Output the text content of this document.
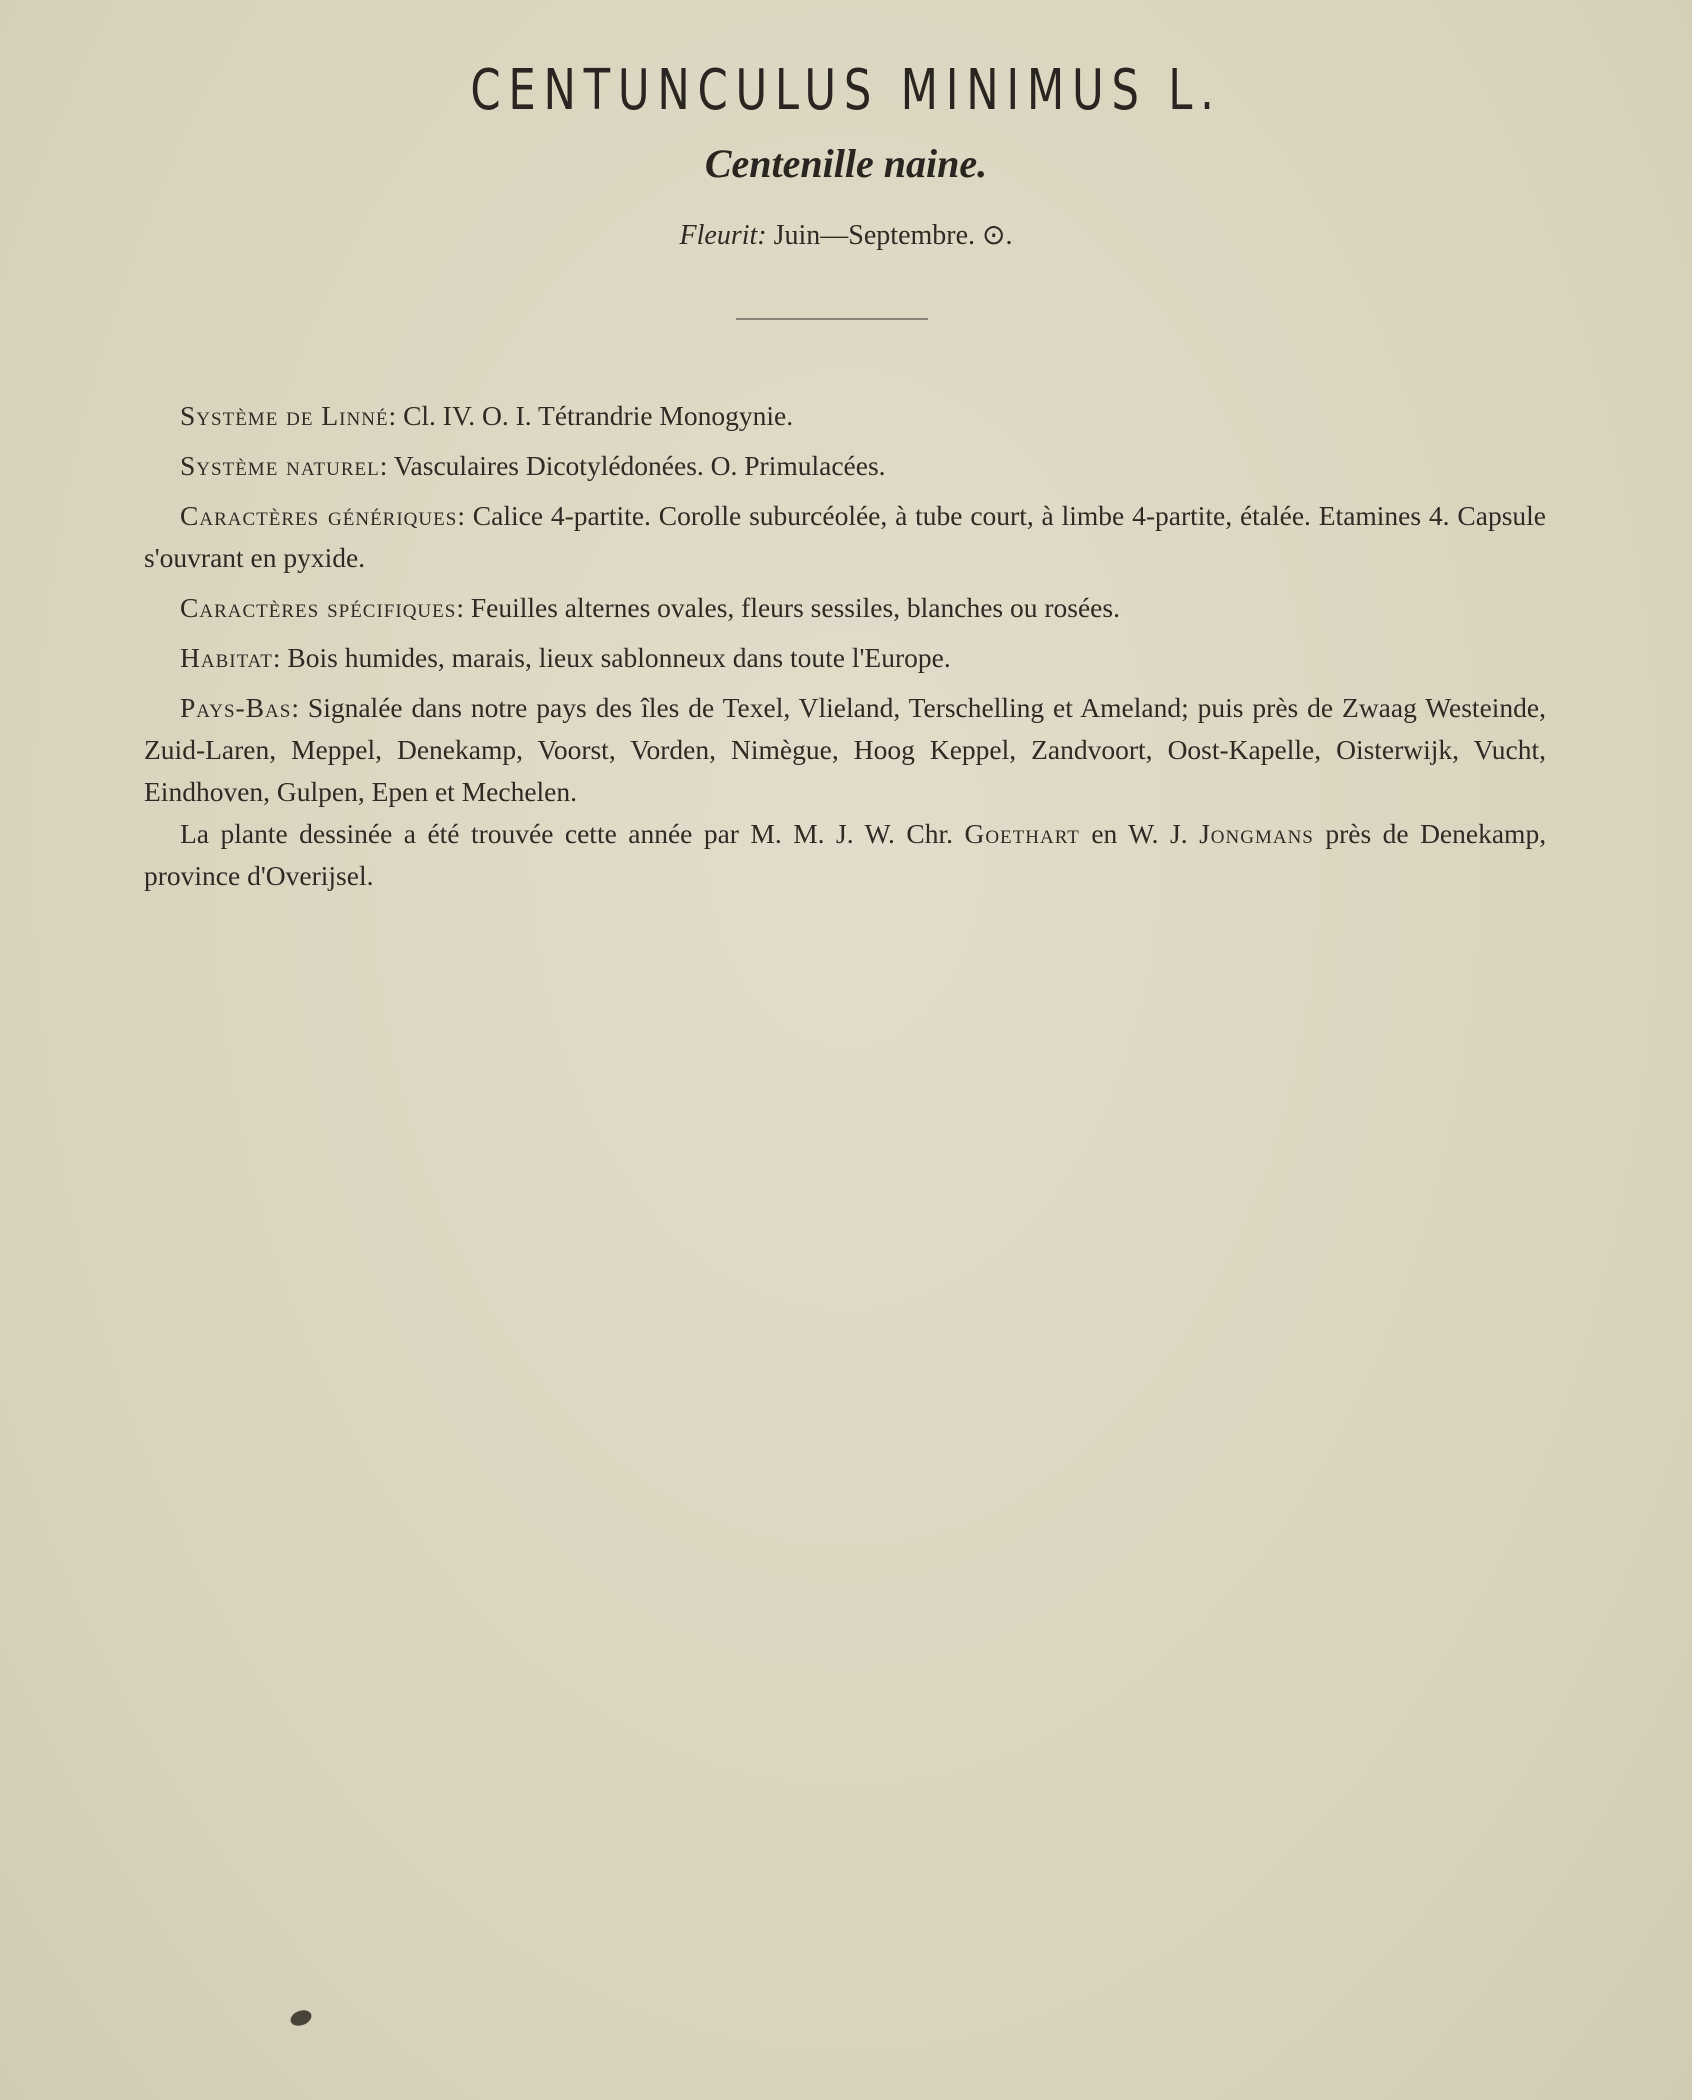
CENTUNCULUS MINIMUS L.
Centenille naine.
Fleurit: Juin—Septembre. ⊙.

Système de Linné: Cl. IV. O. I. Tétrandrie Monogynie.

Système naturel: Vasculaires Dicotylédonées. O. Primulacées.

Caractères génériques: Calice 4-partite. Corolle suburcéolée, à tube court, à limbe 4-partite, étalée. Etamines 4. Capsule s'ouvrant en pyxide.

Caractères spécifiques: Feuilles alternes ovales, fleurs sessiles, blanches ou rosées.

Habitat: Bois humides, marais, lieux sablonneux dans toute l'Europe.

Pays-Bas: Signalée dans notre pays des îles de Texel, Vlieland, Terschelling et Ameland; puis près de Zwaag Westeinde, Zuid-Laren, Meppel, Denekamp, Voorst, Vorden, Nimègue, Hoog Keppel, Zandvoort, Oost-Kapelle, Oisterwijk, Vucht, Eindhoven, Gulpen, Epen et Mechelen.

La plante dessinée a été trouvée cette année par M. M. J. W. Chr. Goethart en W. J. Jongmans près de Denekamp, province d'Overijsel.
